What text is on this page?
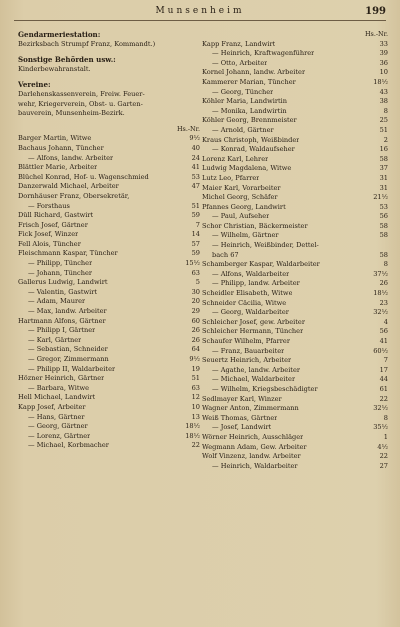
Munsenheim	199
Gendarmeriestation:
Bezirksbach Strumpf Franz, Kommandt.)
Sonstige Behörden usw.:
Kinderbewahranstalt.
Vereine:
Darlehenskassenverein, Freiw. Feuer-
wehr, Kriegerverein, Obst- u. Garten-
bauverein, Munsenheim-Bezirk.
Hs.-Nr.
Barger Martin, Witwe	9½
Bachaus Johann, Tüncher	40
— Alfons, landw. Arbeiter	24
Blättler Marie, Arbeiter	41
Blüchel Konrad, Hof- u. Wagenschmied	53
Danzerwald Michael, Arbeiter	47
Dornhäuser Franz, Obersekretär,
— Forsthaus	51
Düll Richard, Gastwirt	59
Frisch Josef, Gärtner	7
Fick Josef, Winzer	14
Fell Alois, Tüncher	57
Fleischmann Kaspar, Tüncher	59
— Philipp, Tüncher	15½
— Johann, Tüncher	63
Gallerus Ludwig, Landwirt	5
— Valentin, Gastwirt	30
— Adam, Maurer	20
— Max, landw. Arbeiter	29
Hartmann Alfons, Gärtner	60
— Philipp I, Gärtner	26
— Karl, Gärtner	26
— Sebastian, Schneider	64
— Gregor, Zimmermann	9½
— Philipp II, Waldarbeiter	19
Hözner Heinrich, Gärtner	51
— Barbara, Witwe	63
Hell Michael, Landwirt	12
Kapp Josef, Arbeiter	10
— Hans, Gärtner	13
— Georg, Gärtner	18½
— Lorenz, Gärtner	18½
— Michael, Korbmacher	22
Hs.-Nr.
Kapp Franz, Landwirt	33
— Heinrich, Kraftwagenführer	39
— Otto, Arbeiter	36
Kornel Johann, landw. Arbeiter	10
Kammerer Marian, Tüncher	18½
— Georg, Tüncher	43
Köhler Maria, Landwirtin	38
— Monika, Landwirtin	8
Köhler Georg, Brennmeister	25
— Arnold, Gärtner	51
Kraus Christoph, Weißbinder	2
— Konrad, Waldaufseher	16
Lorenz Karl, Lehrer	58
Ludwig Magdalena, Witwe	37
Lutz Leo, Pfarrer	31
Maier Karl, Vorarbeiter	31
Michel Georg, Schäfer	21½
Pfannes Georg, Landwirt	53
— Paul, Aufseher	56
Schor Christian, Bäckermeister	58
— Wilhelm, Gärtner	58
— Heinrich, Weißbinder, Dettel-
bach 67	58
Schamberger Kaspar, Waldarbeiter	8
— Alfons, Waldarbeiter	37½
— Philipp, landw. Arbeiter	26
Scheidler Elisabeth, Witwe	18½
Schneider Cäcilia, Witwe	23
— Georg, Waldarbeiter	32½
Schleicher Josef, gew. Arbeiter	4
Schleicher Hermann, Tüncher	56
Schaufer Wilhelm, Pfarrer	41
— Franz, Bauarbeiter	60½
Seuertz Heinrich, Arbeiter	7
— Agathe, landw. Arbeiter	17
— Michael, Waldarbeiter	44
— Wilhelm, Kriegsbeschädigter	61
Sedlmayer Karl, Winzer	22
Wagner Anton, Zimmermann	32½
Weiß Thomas, Gärtner	8
— Josef, Landwirt	35½
Wörner Heinrich, Ausschläger	1
Wegmann Adam, Gew. Arbeiter	4½
Wolf Vinzenz, landw. Arbeiter	22
— Heinrich, Waldarbeiter	27
